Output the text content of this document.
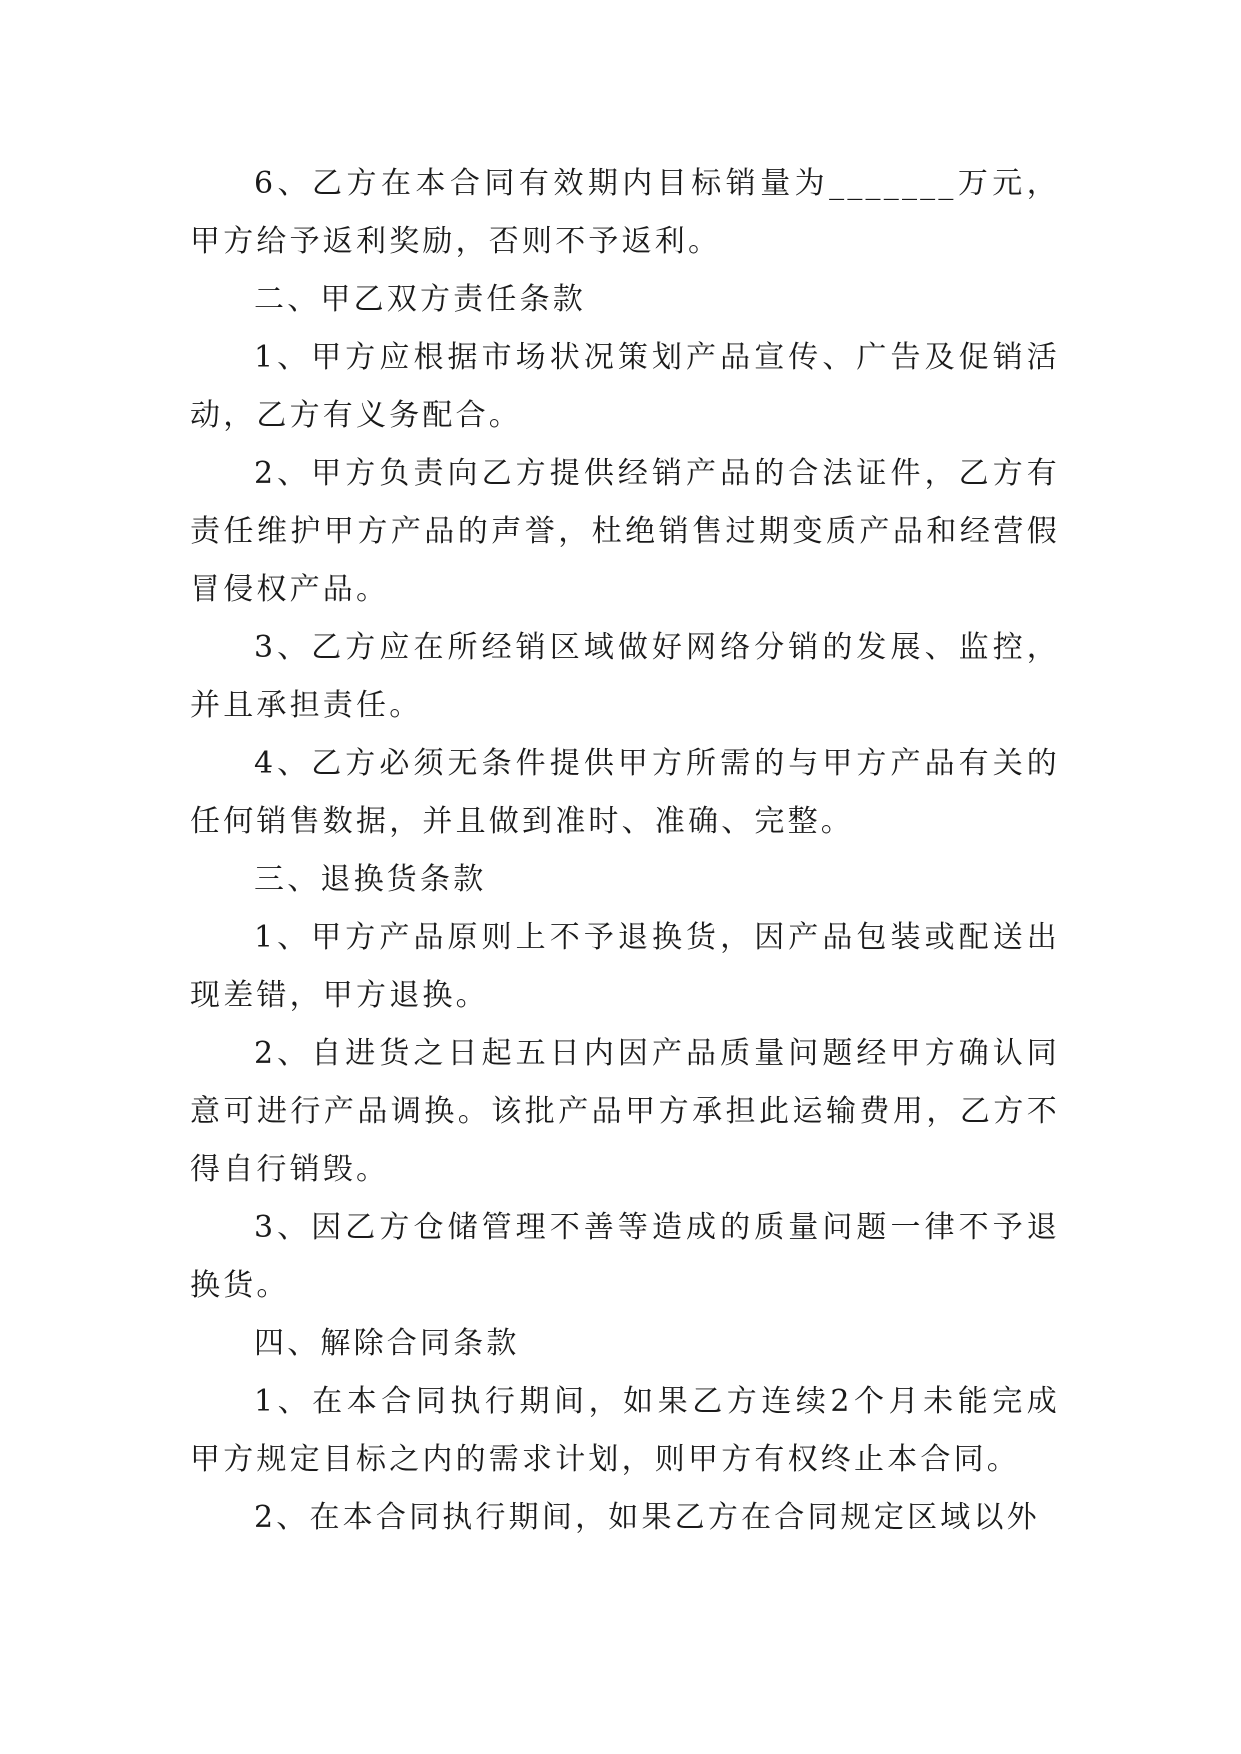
6、乙方在本合同有效期内目标销量为_______万元，甲方给予返利奖励，否则不予返利。

二、甲乙双方责任条款

1、甲方应根据市场状况策划产品宣传、广告及促销活动，乙方有义务配合。

2、甲方负责向乙方提供经销产品的合法证件，乙方有责任维护甲方产品的声誉，杜绝销售过期变质产品和经营假冒侵权产品。

3、乙方应在所经销区域做好网络分销的发展、监控，并且承担责任。

4、乙方必须无条件提供甲方所需的与甲方产品有关的任何销售数据，并且做到准时、准确、完整。

三、退换货条款

1、甲方产品原则上不予退换货，因产品包装或配送出现差错，甲方退换。

2、自进货之日起五日内因产品质量问题经甲方确认同意可进行产品调换。该批产品甲方承担此运输费用，乙方不得自行销毁。

3、因乙方仓储管理不善等造成的质量问题一律不予退换货。

四、解除合同条款

1、在本合同执行期间，如果乙方连续2个月未能完成甲方规定目标之内的需求计划，则甲方有权终止本合同。

2、在本合同执行期间，如果乙方在合同规定区域以外
